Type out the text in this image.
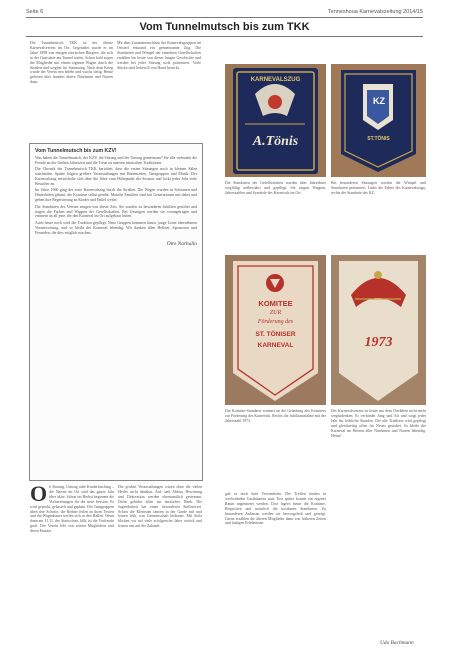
Seite 6	Tenneshoua Karnevalszeitung 2014/15
Vom Tunnelmutsch bis zum TKK
Die Tunnelmutsch TKK ist der älteste Karnevalsverein im Ort. Gegründet wurde er im Jahre 1898 von einigen närrischen Bürgern, die sich in der Gaststätte am Tunnel trafen. Schon bald zogen die Mitglieder mit einem eigenen Wagen durch die Straßen und sorgten für Stimmung. Nach dem Krieg wurde der Verein neu belebt und wuchs stetig. Heute gehören über hundert aktive Närrinnen und Narren dazu.
Mit dem Zusammenschluss der Karnevalsgruppen im Ortsteil entstand ein gemeinsamer Zug. Die Standarten und Wimpel der einzelnen Gesellschaften erzählen bis heute von dieser langen Geschichte und werden bei jeder Sitzung stolz präsentiert. Viele Stücke sind liebevoll von Hand bestickt.
Vom Tunnelmutsch bis zum KZV!

Was haben die Tunnelmutsch, der KZV, die Sitzung und der Umzug gemeinsam? Sie alle verbindet die Freude an der fünften Jahreszeit und die Treue zu unseren närrischen Traditionen.

Die Chronik der Tunnelmutsch TKK berichtet, dass die ersten Sitzungen noch in kleinen Sälen stattfanden. Später folgten größere Veranstaltungen mit Büttenreden, Tanzgruppen und Musik. Der Karnevalszug entwickelte sich über die Jahre zum Höhepunkt der Session und lockt jedes Jahr viele Besucher an.

Im Jahre 1960 ging der erste Karnevalszug durch die Straßen. Die Wagen wurden in Scheunen und Hinterhöfen gebaut, die Kostüme selbst genäht. Manche Familien sind seit Generationen mit dabei und geben ihre Begeisterung an Kinder und Enkel weiter.

Die Standarten des Vereins zeugen von dieser Zeit. Sie wurden zu besonderen Jubiläen gestiftet und tragen die Farben und Wappen der Gesellschaften. Bei Umzügen werden sie vorangetragen und erinnern an all jene, die den Karneval im Ort aufgebaut haben.

Auch heute noch wird die Tradition gepflegt. Neue Gruppen kommen hinzu, junge Leute übernehmen Verantwortung, und so bleibt der Karneval lebendig. Wir danken allen Helfern, Sponsoren und Freunden, die dies möglich machen.

Otto Narhalla
KARNEVALSZUG
A.Tönis
KZ
ST.TÖNIS
Die Standarten der Gesellschaften wurden über Jahrzehnte sorgfältig aufbewahrt und gepflegt. Sie zeigen Wappen, Jahreszahlen und Symbole des Karnevals im Ort.
Bei besonderen Sitzungen werden die Wimpel und Standarten präsentiert. Links die Fahne des Karnevalszugs, rechts die Standarte des KZ.
KOMITEE
ZUR
Förderung des
ST. TÖNISER
KARNEVAL	1973
Die Komitee-Standarte erinnert an die Gründung des Komitees zur Förderung des Karnevals. Rechts die Jubiläumsfahne mit der Jahreszahl 1973.
Der Karnevalsverein ist heute aus dem Ortsleben nicht mehr wegzudenken. Er verbindet Jung und Alt und sorgt jedes Jahr für fröhliche Stunden. Die alte Tradition wird gepflegt und gleichzeitig offen für Neues gestaltet. So bleibt der Karneval im Herzen aller Närrinnen und Narren lebendig. Helau!
Ob Sitzung, Umzug oder Kinderfasching – die Narren im Ort sind das ganze Jahr über aktiv. Schon im Herbst beginnen die Vorbereitungen für die neue Session. Es wird geprobt, gebastelt und geplant. Die Tanzgruppen üben ihre Schritte, die Redner feilen an ihren Texten und die Wagenbauer treffen sich in den Hallen. Wenn dann am 11.11. der Startschuss fällt, ist die Vorfreude groß. Der Verein lebt von seinen Mitgliedern und deren Einsatz.
Die großen Veranstaltungen wären ohne die vielen Helfer nicht denkbar. Auf- und Abbau, Bewirtung und Dekoration werden ehrenamtlich gestemmt. Dafür gebührt allen ein herzlicher Dank. Die Jugendarbeit hat einen besonderen Stellenwert. Schon die Kleinsten tanzen in der Garde mit und lernen früh, was Gemeinschaft bedeutet. Mit Stolz blicken wir auf viele erfolgreiche Jahre zurück und freuen uns auf die Zukunft.
gab es noch kein Vereinsheim. Die Treffen fanden in wechselnden Gasthäusern statt. Erst später konnte ein eigener Raum angemietet werden. Dort lagern heute die Kostüme, Requisiten und natürlich die kostbaren Standarten. Zu besonderen Anlässen werden sie hervorgeholt und gezeigt. Gerne erzählen die älteren Mitglieder dann von früheren Zeiten und lustigen Erlebnissen.
Udo Bachmann
